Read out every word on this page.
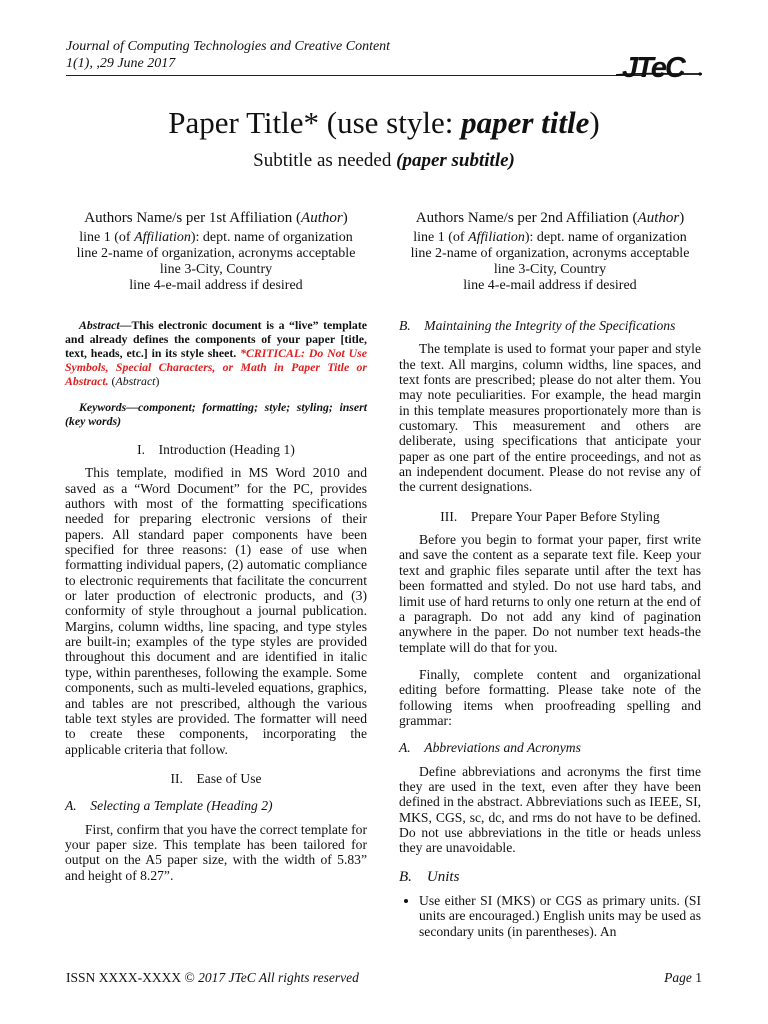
Journal of Computing Technologies and Creative Content
1(1), ,29 June 2017	JTeC
Paper Title* (use style: paper title)
Subtitle as needed (paper subtitle)
Authors Name/s per 1st Affiliation (Author)
line 1 (of Affiliation): dept. name of organization
line 2-name of organization, acronyms acceptable
line 3-City, Country
line 4-e-mail address if desired
Authors Name/s per 2nd Affiliation (Author)
line 1 (of Affiliation): dept. name of organization
line 2-name of organization, acronyms acceptable
line 3-City, Country
line 4-e-mail address if desired
Abstract—This electronic document is a “live” template and already defines the components of your paper [title, text, heads, etc.] in its style sheet. *CRITICAL: Do Not Use Symbols, Special Characters, or Math in Paper Title or Abstract. (Abstract)
Keywords—component; formatting; style; styling; insert (key words)
I. Introduction (Heading 1)

This template, modified in MS Word 2010 and saved as a “Word Document” for the PC, provides authors with most of the formatting specifications needed for preparing electronic versions of their papers. All standard paper components have been specified for three reasons: (1) ease of use when formatting individual papers, (2) automatic compliance to electronic requirements that facilitate the concurrent or later production of electronic products, and (3) conformity of style throughout a journal publication. Margins, column widths, line spacing, and type styles are built-in; examples of the type styles are provided throughout this document and are identified in italic type, within parentheses, following the example. Some components, such as multi-leveled equations, graphics, and tables are not prescribed, although the various table text styles are provided. The formatter will need to create these components, incorporating the applicable criteria that follow.

II. Ease of Use
A. Selecting a Template (Heading 2)

First, confirm that you have the correct template for your paper size. This template has been tailored for output on the A5 paper size, with the width of 5.83” and height of 8.27”.

B. Maintaining the Integrity of the Specifications

The template is used to format your paper and style the text. All margins, column widths, line spaces, and text fonts are prescribed; please do not alter them. You may note peculiarities. For example, the head margin in this template measures proportionately more than is customary. This measurement and others are deliberate, using specifications that anticipate your paper as one part of the entire proceedings, and not as an independent document. Please do not revise any of the current designations.

III. Prepare Your Paper Before Styling

Before you begin to format your paper, first write and save the content as a separate text file. Keep your text and graphic files separate until after the text has been formatted and styled. Do not use hard tabs, and limit use of hard returns to only one return at the end of a paragraph. Do not add any kind of pagination anywhere in the paper. Do not number text heads-the template will do that for you.

Finally, complete content and organizational editing before formatting. Please take note of the following items when proofreading spelling and grammar:

A. Abbreviations and Acronyms

Define abbreviations and acronyms the first time they are used in the text, even after they have been defined in the abstract. Abbreviations such as IEEE, SI, MKS, CGS, sc, dc, and rms do not have to be defined. Do not use abbreviations in the title or heads unless they are unavoidable.

B. Units
• Use either SI (MKS) or CGS as primary units. (SI units are encouraged.) English units may be used as secondary units (in parentheses). An
ISSN XXXX-XXXX © 2017 JTeC All rights reserved	Page 1
